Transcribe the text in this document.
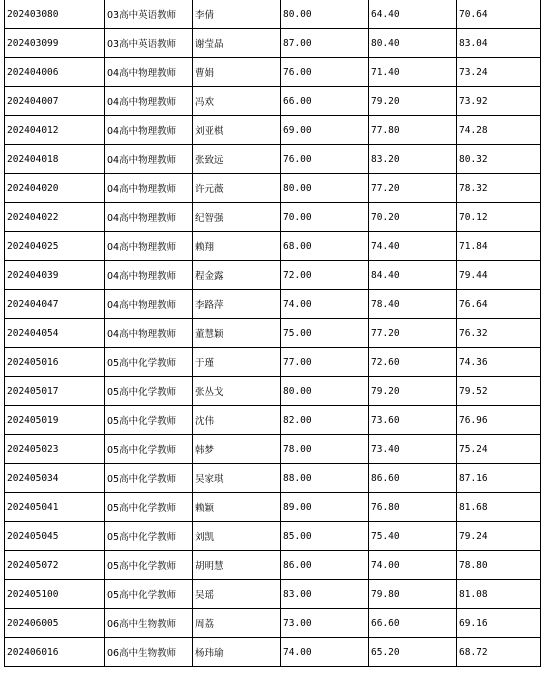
202403080	03高中英语教师	李倩	80.00	64.40	70.64
202403099	03高中英语教师	谢莹晶	87.00	80.40	83.04
202404006	04高中物理教师	曹娟	76.00	71.40	73.24
202404007	04高中物理教师	冯欢	66.00	79.20	73.92
202404012	04高中物理教师	刘亚棋	69.00	77.80	74.28
202404018	04高中物理教师	张致远	76.00	83.20	80.32
202404020	04高中物理教师	许元薇	80.00	77.20	78.32
202404022	04高中物理教师	纪智强	70.00	70.20	70.12
202404025	04高中物理教师	赖翔	68.00	74.40	71.84
202404039	04高中物理教师	程金露	72.00	84.40	79.44
202404047	04高中物理教师	李路萍	74.00	78.40	76.64
202404054	04高中物理教师	董慧颖	75.00	77.20	76.32
202405016	05高中化学教师	于瑾	77.00	72.60	74.36
202405017	05高中化学教师	张丛戈	80.00	79.20	79.52
202405019	05高中化学教师	沈伟	82.00	73.60	76.96
202405023	05高中化学教师	韩梦	78.00	73.40	75.24
202405034	05高中化学教师	吴家琪	88.00	86.60	87.16
202405041	05高中化学教师	赖颖	89.00	76.80	81.68
202405045	05高中化学教师	刘凯	85.00	75.40	79.24
202405072	05高中化学教师	胡明慧	86.00	74.00	78.80
202405100	05高中化学教师	吴瑶	83.00	79.80	81.08
202406005	06高中生物教师	周荔	73.00	66.60	69.16
202406016	06高中生物教师	杨玮瑜	74.00	65.20	68.72
